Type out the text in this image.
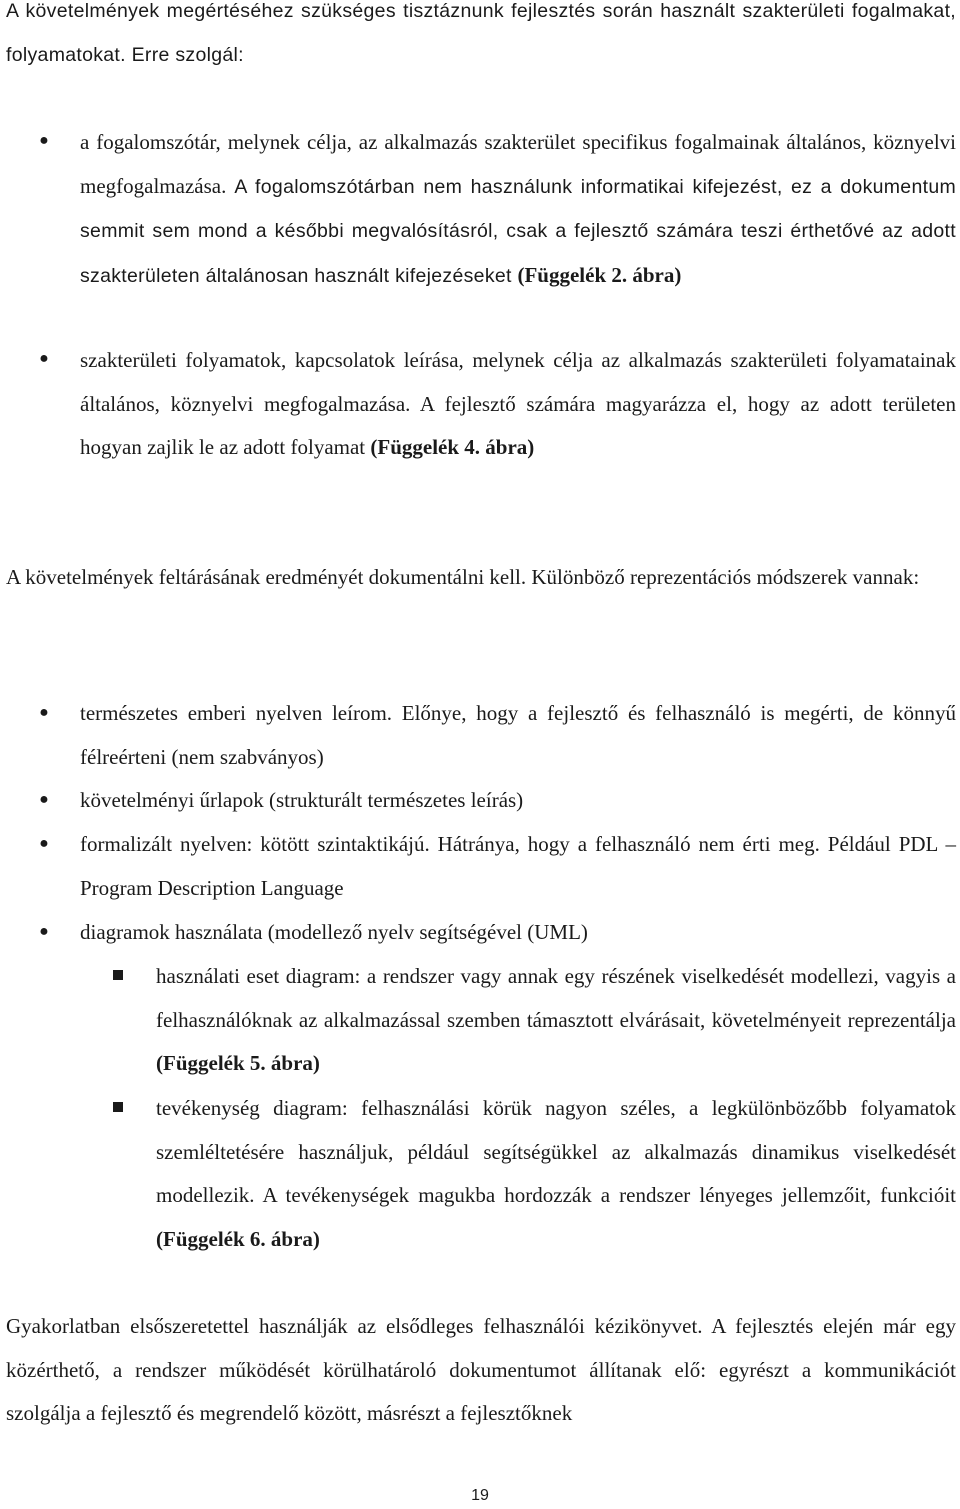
A követelmények megértéséhez szükséges tisztáznunk fejlesztés során használt szakterületi fogalmakat, folyamatokat. Erre szolgál:

●

a fogalomszótár, melynek célja, az alkalmazás szakterület specifikus fogalmainak általános, köznyelvi megfogalmazása. A fogalomszótárban nem használunk informatikai kifejezést, ez a dokumentum semmit sem mond a későbbi megvalósításról, csak a fejlesztő számára teszi érthetővé az adott szakterületen általánosan használt kifejezéseket (Függelék 2. ábra)

●

szakterületi folyamatok, kapcsolatok leírása, melynek célja az alkalmazás szakterületi folyamatainak általános, köznyelvi megfogalmazása. A fejlesztő számára magyarázza el, hogy az adott területen hogyan zajlik le az adott folyamat (Függelék 4. ábra)

A követelmények feltárásának eredményét dokumentálni kell. Különböző reprezentációs módszerek vannak:

●

természetes emberi nyelven leírom. Előnye, hogy a fejlesztő és felhasználó is megérti, de könnyű félreérteni (nem szabványos)

●

követelményi űrlapok (strukturált természetes leírás)

●

formalizált nyelven: kötött szintaktikájú. Hátránya, hogy a felhasználó nem érti meg. Például PDL – Program Description Language

●

diagramok használata (modellező nyelv segítségével (UML)

használati eset diagram: a rendszer vagy annak egy részének viselkedését modellezi, vagyis a felhasználóknak az alkalmazással szemben támasztott elvárásait, követelményeit reprezentálja (Függelék 5. ábra)

tevékenység diagram: felhasználási körük nagyon széles, a legkülönbözőbb folyamatok szemléltetésére használjuk, például segítségükkel az alkalmazás dinamikus viselkedését modellezik. A tevékenységek magukba hordozzák a rendszer lényeges jellemzőit, funkcióit (Függelék 6. ábra)

Gyakorlatban elsőszeretettel használják az elsődleges felhasználói kézikönyvet. A fejlesztés elején már egy közérthető, a rendszer működését körülhatároló dokumentumot állítanak elő: egyrészt a kommunikációt szolgálja a fejlesztő és megrendelő között, másrészt a fejlesztőknek

19
